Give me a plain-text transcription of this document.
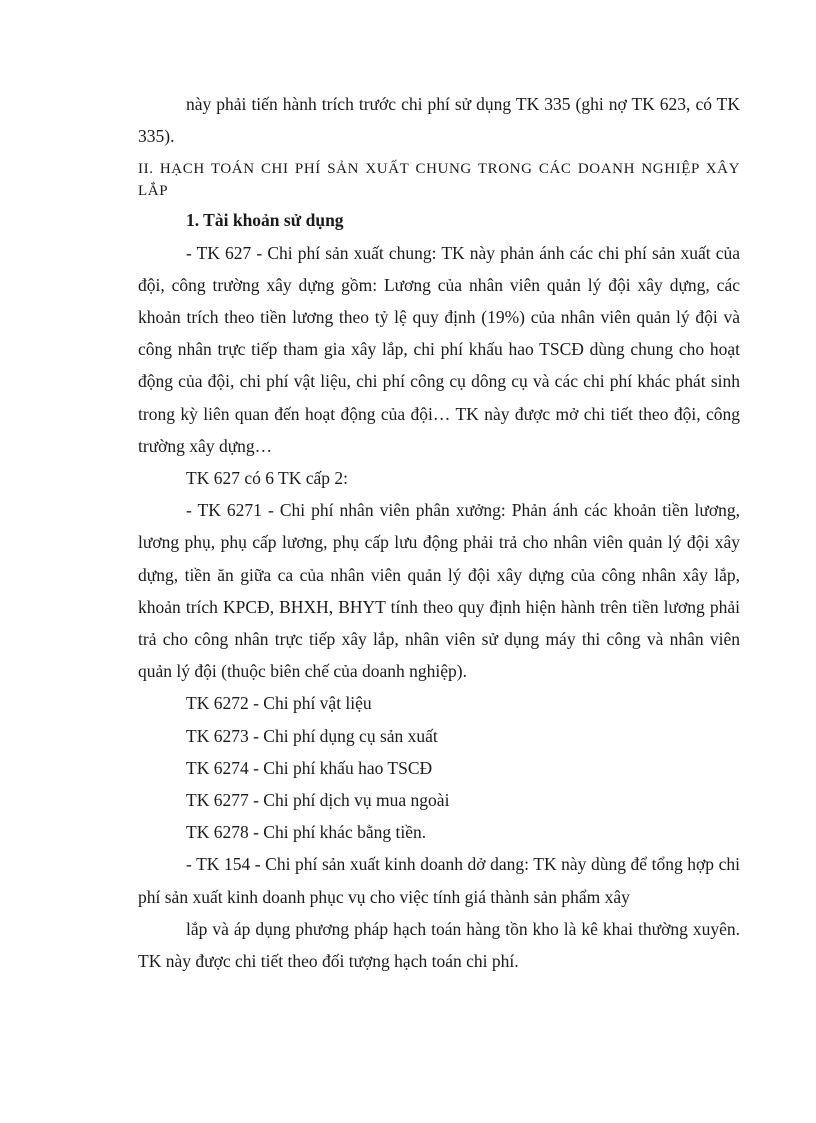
này phải tiến hành trích trước chi phí sử dụng TK 335 (ghi nợ TK 623, có TK 335).

II. HẠCH TOÁN CHI PHÍ SẢN XUẤT CHUNG TRONG CÁC DOANH NGHIỆP XÂY LẮP

1. Tài khoản sử dụng

- TK 627 - Chi phí sản xuất chung: TK này phản ánh các chi phí sản xuất của đội, công trường xây dựng gồm: Lương của nhân viên quản lý đội xây dựng, các khoản trích theo tiền lương theo tỷ lệ quy định (19%) của nhân viên quản lý đội và công nhân trực tiếp tham gia xây lắp, chi phí khấu hao TSCĐ dùng chung cho hoạt động của đội, chi phí vật liệu, chi phí công cụ dông cụ và các chi phí khác phát sinh trong kỳ liên quan đến hoạt động của đội… TK này được mở chi tiết theo đội, công trường xây dựng…

TK 627 có 6 TK cấp 2:

- TK 6271 - Chi phí nhân viên phân xưởng: Phản ánh các khoản tiền lương, lương phụ, phụ cấp lương, phụ cấp lưu động phải trả cho nhân viên quản lý đội xây dựng, tiền ăn giữa ca của nhân viên quản lý đội xây dựng của công nhân xây lắp, khoản trích KPCĐ, BHXH, BHYT tính theo quy định hiện hành trên tiền lương phải trả cho công nhân trực tiếp xây lắp, nhân viên sử dụng máy thi công và nhân viên quản lý đội (thuộc biên chế của doanh nghiệp).

TK 6272 - Chi phí vật liệu

TK 6273 - Chi phí dụng cụ sản xuất

TK 6274 - Chi phí khấu hao TSCĐ

TK 6277 - Chi phí dịch vụ mua ngoài

TK 6278 - Chi phí khác bằng tiền.

- TK 154 - Chi phí sản xuất kinh doanh dở dang: TK này dùng để tổng hợp chi phí sản xuất kinh doanh phục vụ cho việc tính giá thành sản phẩm xây

lắp và áp dụng phương pháp hạch toán hàng tồn kho là kê khai thường xuyên. TK này được chi tiết theo đối tượng hạch toán chi phí.
